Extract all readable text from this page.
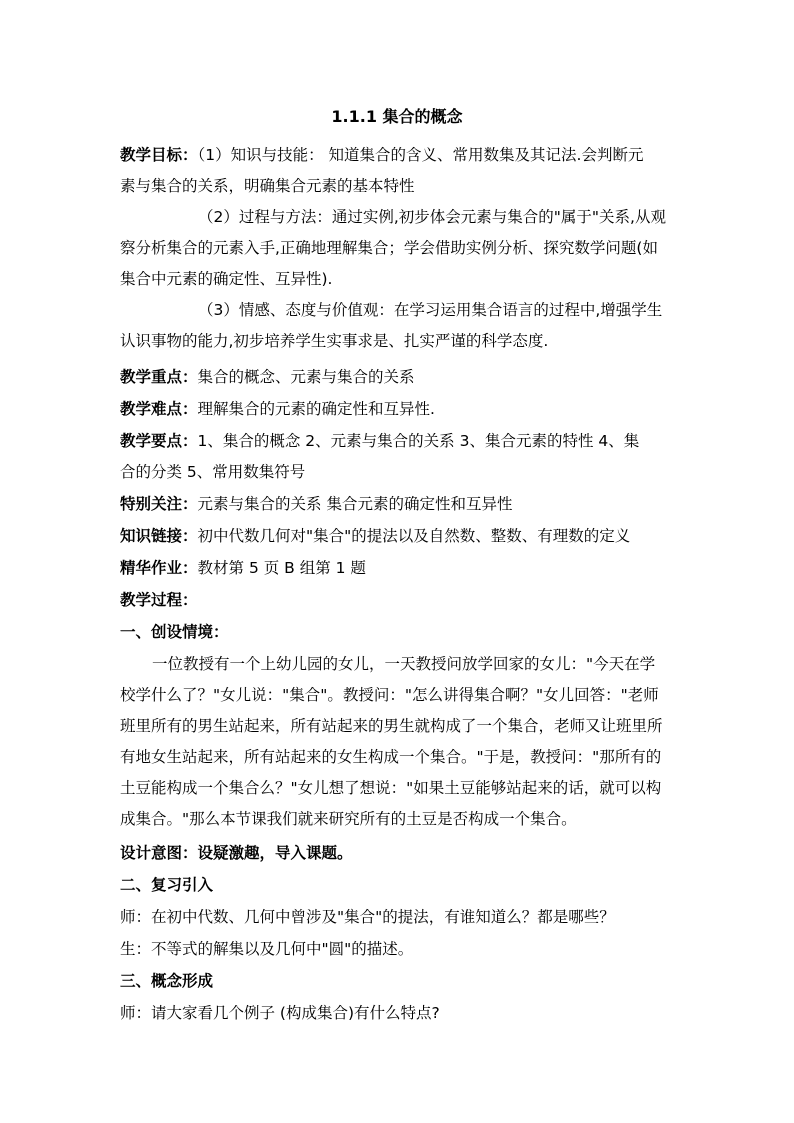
1.1.1 集合的概念
教学目标：（1）知识与技能： 知道集合的含义、常用数集及其记法.会判断元
素与集合的关系，明确集合元素的基本特性
（2）过程与方法：通过实例,初步体会元素与集合的"属于"关系,从观
察分析集合的元素入手,正确地理解集合；学会借助实例分析、探究数学问题(如
集合中元素的确定性、互异性).
（3）情感、态度与价值观：在学习运用集合语言的过程中,增强学生
认识事物的能力,初步培养学生实事求是、扎实严谨的科学态度.
教学重点：集合的概念、元素与集合的关系
教学难点：理解集合的元素的确定性和互异性.
教学要点：1、集合的概念 2、元素与集合的关系 3、集合元素的特性 4、集
合的分类 5、常用数集符号
特别关注：元素与集合的关系 集合元素的确定性和互异性
知识链接：初中代数几何对"集合"的提法以及自然数、整数、有理数的定义
精华作业：教材第 5 页 B 组第 1 题
教学过程：
一、创设情境：
一位教授有一个上幼儿园的女儿，一天教授问放学回家的女儿："今天在学
校学什么了？"女儿说："集合"。教授问："怎么讲得集合啊？"女儿回答："老师
班里所有的男生站起来，所有站起来的男生就构成了一个集合，老师又让班里所
有地女生站起来，所有站起来的女生构成一个集合。"于是，教授问："那所有的
土豆能构成一个集合么？"女儿想了想说："如果土豆能够站起来的话，就可以构
成集合。"那么本节课我们就来研究所有的土豆是否构成一个集合。
设计意图：设疑激趣，导入课题。
二、复习引入
师：在初中代数、几何中曾涉及"集合"的提法，有谁知道么？都是哪些？
生：不等式的解集以及几何中"圆"的描述。
三、概念形成
师：请大家看几个例子 (构成集合)有什么特点?
